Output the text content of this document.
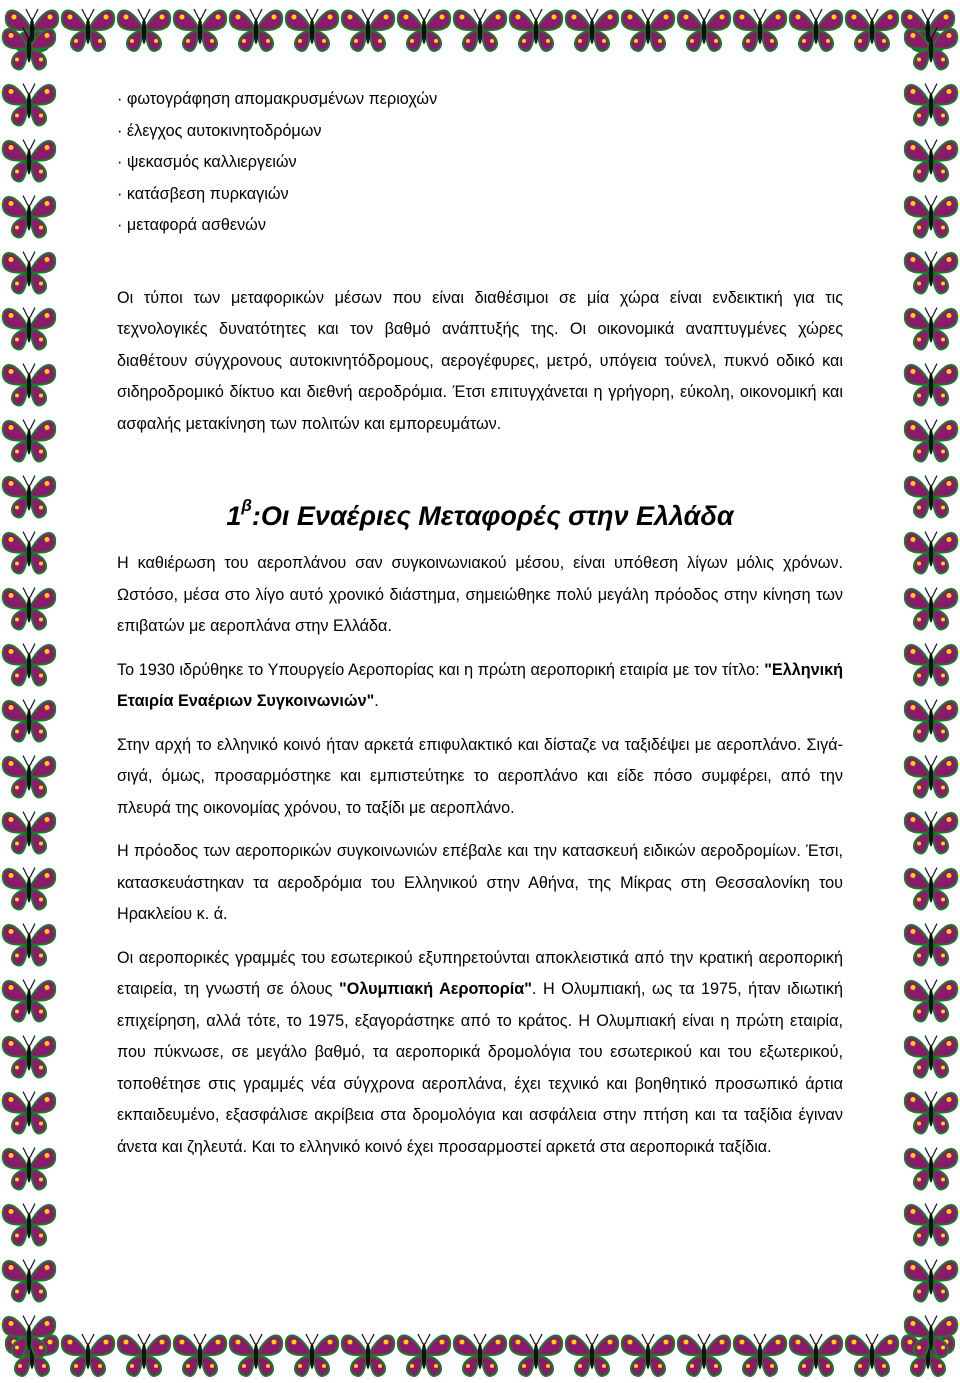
· φωτογράφηση απομακρυσμένων περιοχών
· έλεγχος αυτοκινητοδρόμων
· ψεκασμός καλλιεργειών
· κατάσβεση πυρκαγιών
· μεταφορά ασθενών

Οι τύποι των μεταφορικών μέσων που είναι διαθέσιμοι σε μία χώρα είναι ενδεικτική για τις τεχνολογικές δυνατότητες και τον βαθμό ανάπτυξής της. Οι οικονομικά αναπτυγμένες χώρες διαθέτουν σύγχρονους αυτοκινητόδρομους, αερογέφυρες, μετρό, υπόγεια τούνελ, πυκνό οδικό και σιδηροδρομικό δίκτυο και διεθνή αεροδρόμια. Έτσι επιτυγχάνεται η γρήγορη, εύκολη, οικονομική και ασφαλής μετακίνηση των πολιτών και εμπορευμάτων.

$1^\beta:O\iota$ Εναέριες Μεταφορές στην Ελλάδα

Η καθιέρωση του αεροπλάνου σαν συγκοινωνιακού μέσου, είναι υπόθεση λίγων μόλις χρόνων. Ωστόσο, μέσα στο λίγο αυτό χρονικό διάστημα, σημειώθηκε πολύ μεγάλη πρόοδος στην κίνηση των επιβατών με αεροπλάνα στην Ελλάδα.

Το 1930 ιδρύθηκε το Υπουργείο Αεροπορίας και η πρώτη αεροπορική εταιρία με τον τίτλο: "Ελληνική Εταιρία Εναέριων Συγκοινωνιών".

Στην αρχή το ελληνικό κοινό ήταν αρκετά επιφυλακτικό και δίσταζε να ταξιδέψει με αεροπλάνο. Σιγά-σιγά, όμως, προσαρμόστηκε και εμπιστεύτηκε το αεροπλάνο και είδε πόσο συμφέρει, από την πλευρά της οικονομίας χρόνου, το ταξίδι με αεροπλάνο.

Η πρόοδος των αεροπορικών συγκοινωνιών επέβαλε και την κατασκευή ειδικών αεροδρομίων. Έτσι, κατασκευάστηκαν τα αεροδρόμια του Ελληνικού στην Αθήνα, της Μίκρας στη Θεσσαλονίκη του Ηρακλείου κ. ά.

Οι αεροπορικές γραμμές του εσωτερικού εξυπηρετούνται αποκλειστικά από την κρατική αεροπορική εταιρεία, τη γνωστή σε όλους "Ολυμπιακή Αεροπορία". Η Ολυμπιακή, ως τα 1975, ήταν ιδιωτική επιχείρηση, αλλά τότε, το 1975, εξαγοράστηκε από το κράτος. Η Ολυμπιακή είναι η πρώτη εταιρία, που πύκνωσε, σε μεγάλο βαθμό, τα αεροπορικά δρομολόγια του εσωτερικού και του εξωτερικού, τοποθέτησε στις γραμμές νέα σύγχρονα αεροπλάνα, έχει τεχνικό και βοηθητικό προσωπικό άρτια εκπαιδευμένο, εξασφάλισε ακρίβεια στα δρομολόγια και ασφάλεια στην πτήση και τα ταξίδια έγιναν άνετα και ζηλευτά. Και το ελληνικό κοινό έχει προσαρμοστεί αρκετά στα αεροπορικά ταξίδια.
